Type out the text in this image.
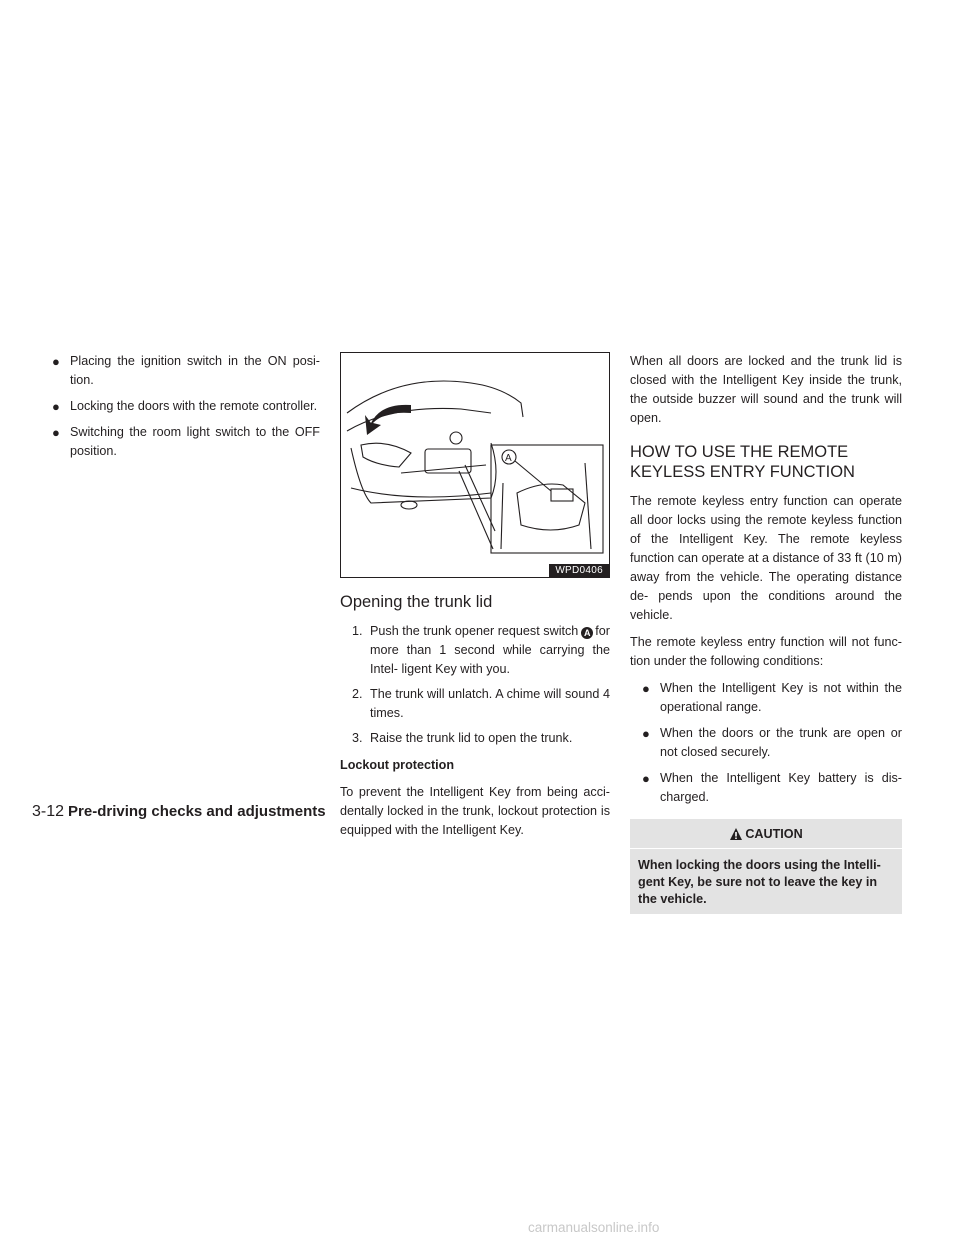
● Placing the ignition switch in the ON posi- tion.
● Locking the doors with the remote controller.
● Switching the room light switch to the OFF position.
A
WPD0406
Opening the trunk lid
1. Push the trunk opener request switch A for more than 1 second while carrying the Intel- ligent Key with you.
2. The trunk will unlatch. A chime will sound 4 times.
3. Raise the trunk lid to open the trunk.
Lockout protection

To prevent the Intelligent Key from being acci- dentally locked in the trunk, lockout protection is equipped with the Intelligent Key.

When all doors are locked and the trunk lid is closed with the Intelligent Key inside the trunk, the outside buzzer will sound and the trunk will open.

HOW TO USE THE REMOTE KEYLESS ENTRY FUNCTION

The remote keyless entry function can operate all door locks using the remote keyless function of the Intelligent Key. The remote keyless function can operate at a distance of 33 ft (10 m) away from the vehicle. The operating distance de- pends upon the conditions around the vehicle.

The remote keyless entry function will not func- tion under the following conditions:

● When the Intelligent Key is not within the operational range.
● When the doors or the trunk are open or not closed securely.
● When the Intelligent Key battery is dis- charged.
CAUTION
When locking the doors using the Intelli- gent Key, be sure not to leave the key in the vehicle.
3-12 Pre-driving checks and adjustments
carmanualsonline.info
